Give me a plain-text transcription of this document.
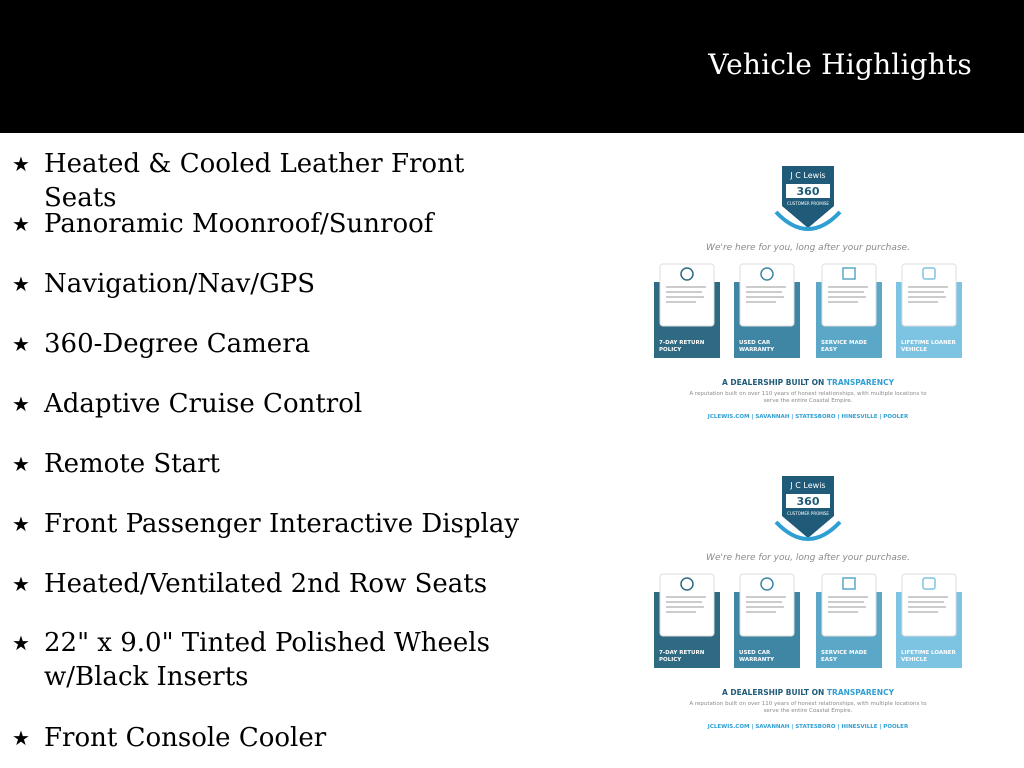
Vehicle Highlights
★ Heated & Cooled Leather Front Seats
★ Panoramic Moonroof/Sunroof
★ Navigation/Nav/GPS
★ 360-Degree Camera
★ Adaptive Cruise Control
★ Remote Start
★ Front Passenger Interactive Display
★ Heated/Ventilated 2nd Row Seats
★ 22" x 9.0" Tinted Polished Wheels w/Black Inserts
★ Front Console Cooler
J C Lewis
360
CUSTOMER PROMISE
We're here for you, long after your purchase.
7-DAY RETURN
POLICY
USED CAR
WARRANTY
SERVICE MADE
EASY
LIFETIME LOANER
VEHICLE
A DEALERSHIP BUILT ON TRANSPARENCY
A reputation built on over 110 years of honest relationships, with multiple locations to
serve the entire Coastal Empire.
JCLEWIS.COM | SAVANNAH | STATESBORO | HINESVILLE | POOLER
J C Lewis
360
CUSTOMER PROMISE
We're here for you, long after your purchase.
7-DAY RETURN
POLICY
USED CAR
WARRANTY
SERVICE MADE
EASY
LIFETIME LOANER
VEHICLE
A DEALERSHIP BUILT ON TRANSPARENCY
A reputation built on over 110 years of honest relationships, with multiple locations to
serve the entire Coastal Empire.
JCLEWIS.COM | SAVANNAH | STATESBORO | HINESVILLE | POOLER
